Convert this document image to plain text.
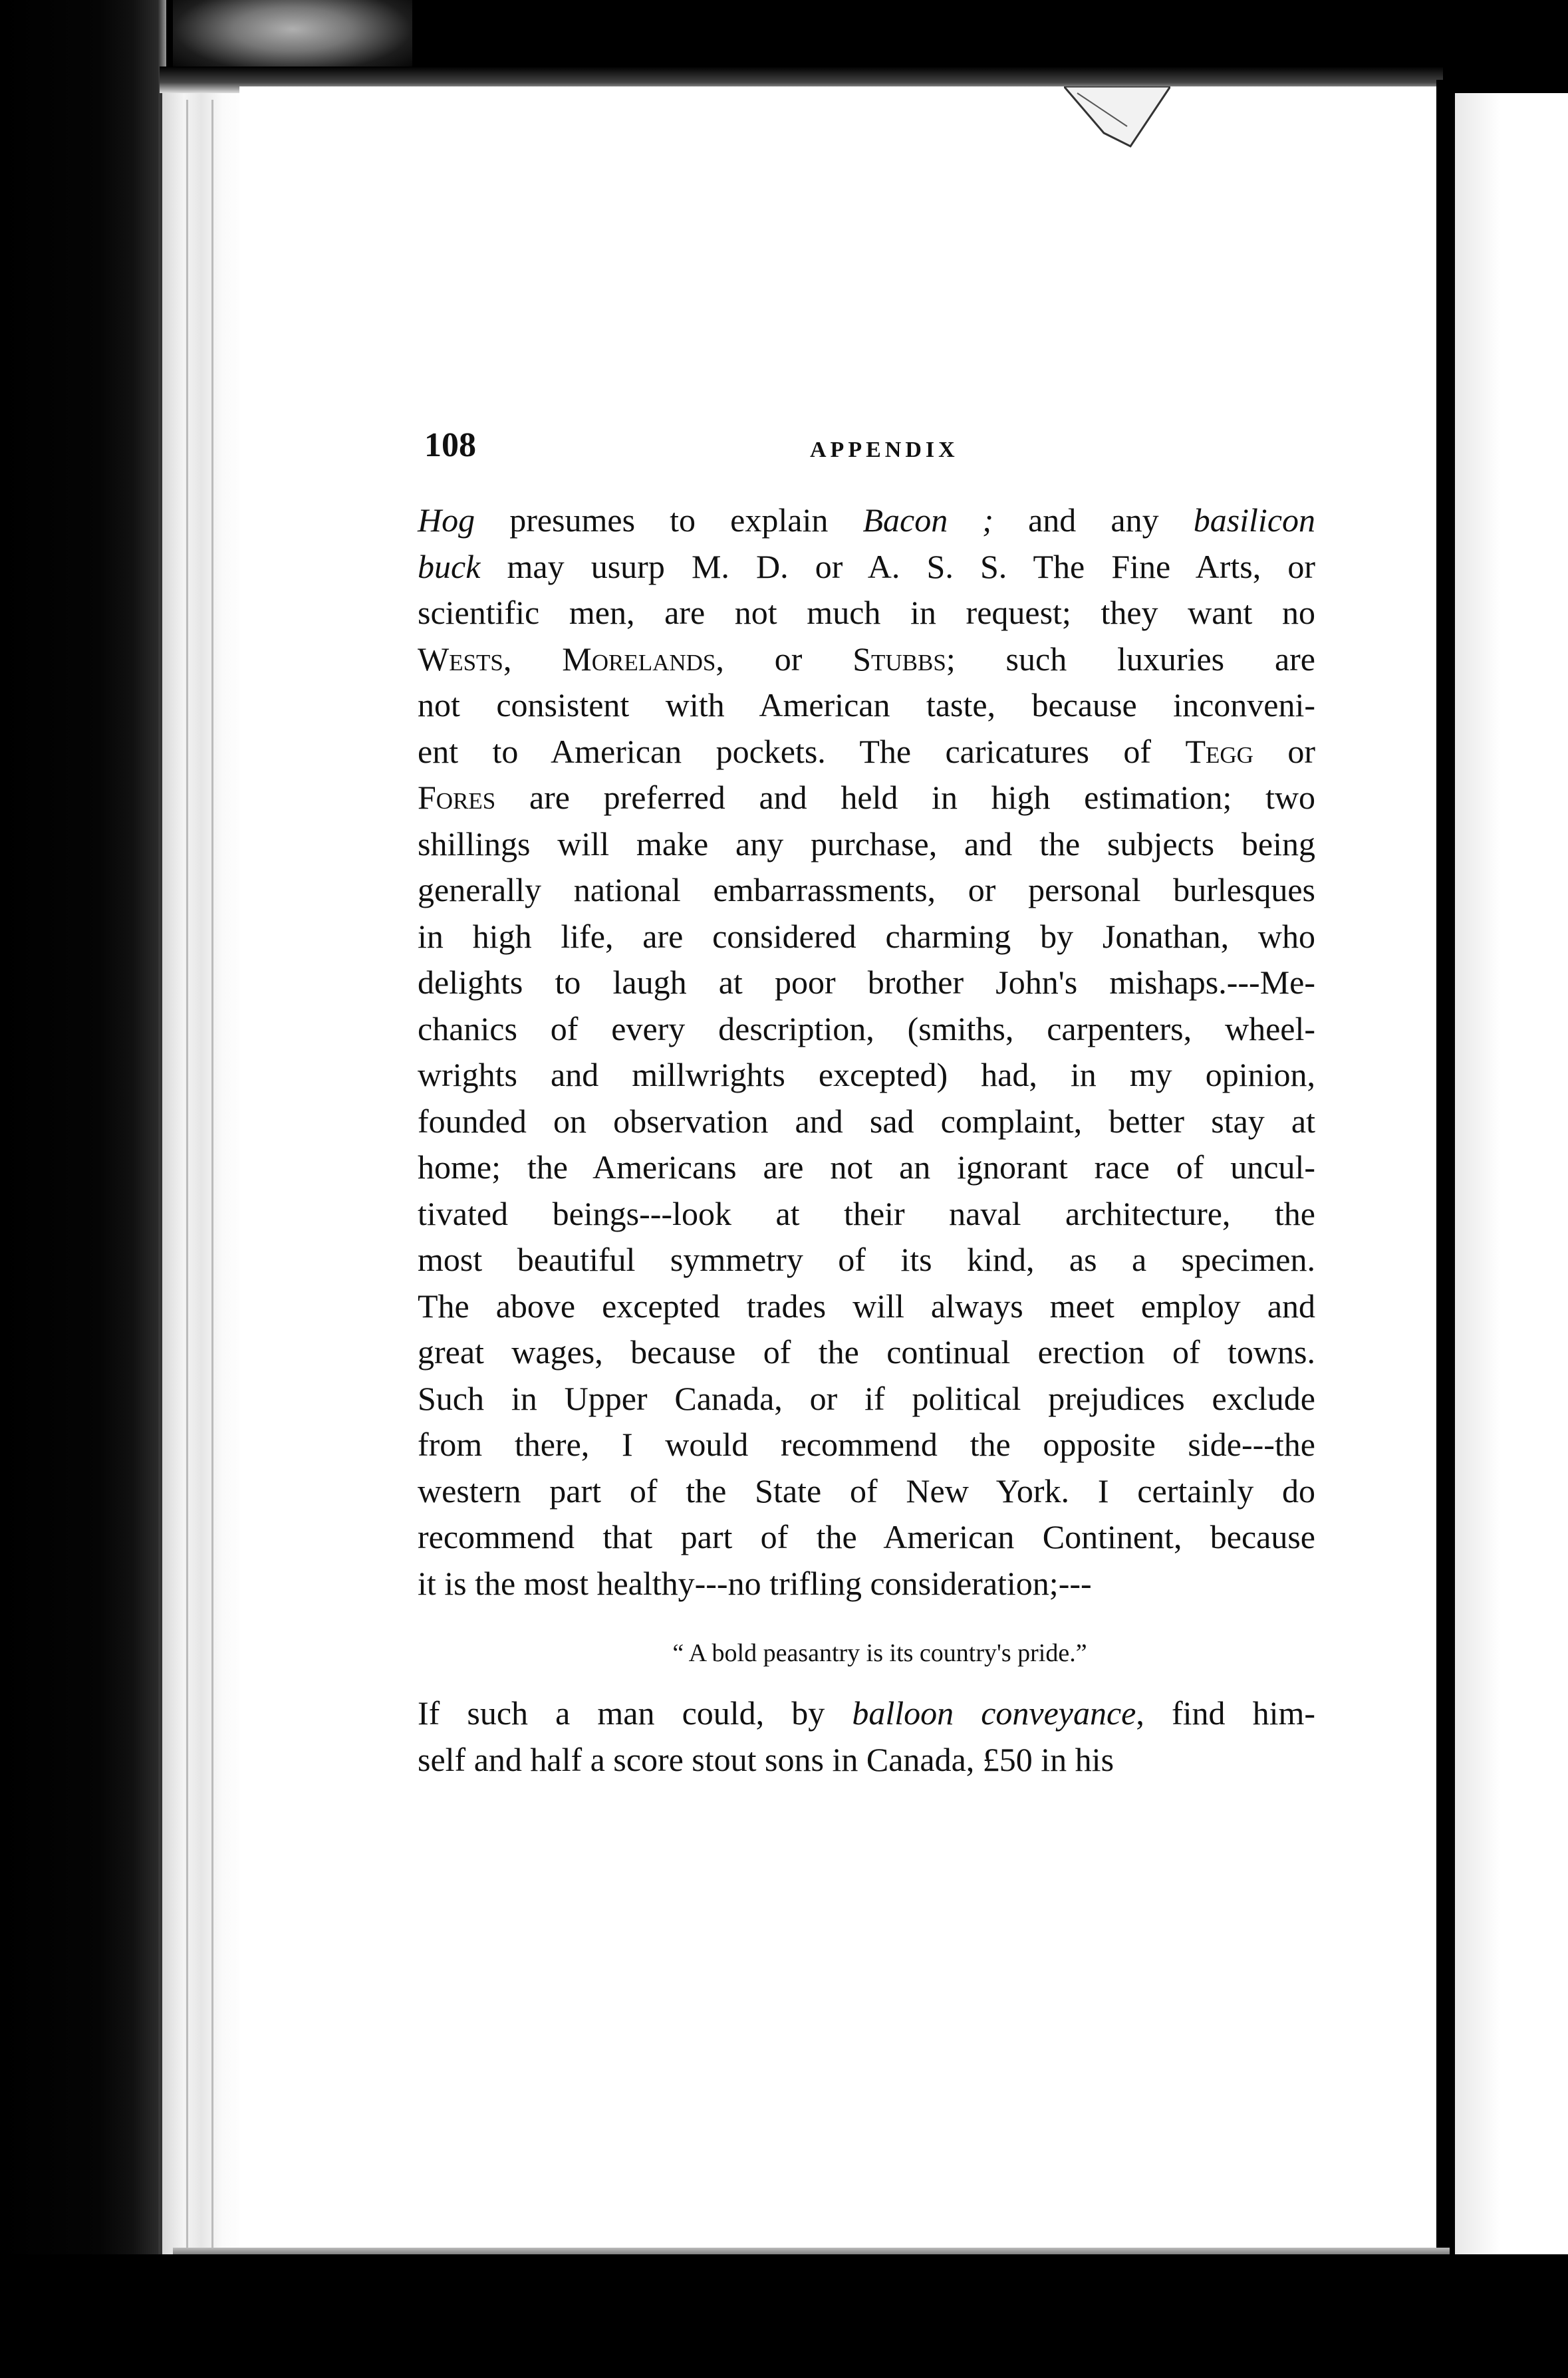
108	APPENDIX
Hog presumes to explain Bacon ; and any basilicon
buck may usurp M. D. or A. S. S. The Fine Arts, or
scientific men, are not much in request; they want no
Wests, Morelands, or Stubbs; such luxuries are
not consistent with American taste, because inconveni-
ent to American pockets. The caricatures of Tegg or
Fores are preferred and held in high estimation; two
shillings will make any purchase, and the subjects being
generally national embarrassments, or personal burlesques
in high life, are considered charming by Jonathan, who
delights to laugh at poor brother John's mishaps.---Me-
chanics of every description, (smiths, carpenters, wheel-
wrights and millwrights excepted) had, in my opinion,
founded on observation and sad complaint, better stay at
home; the Americans are not an ignorant race of uncul-
tivated beings---look at their naval architecture, the
most beautiful symmetry of its kind, as a specimen.
The above excepted trades will always meet employ and
great wages, because of the continual erection of towns.
Such in Upper Canada, or if political prejudices exclude
from there, I would recommend the opposite side---the
western part of the State of New York. I certainly do
recommend that part of the American Continent, because
it is the most healthy---no trifling consideration;---
“ A bold peasantry is its country's pride.”
If such a man could, by balloon conveyance, find him-
self and half a score stout sons in Canada, £50 in his
